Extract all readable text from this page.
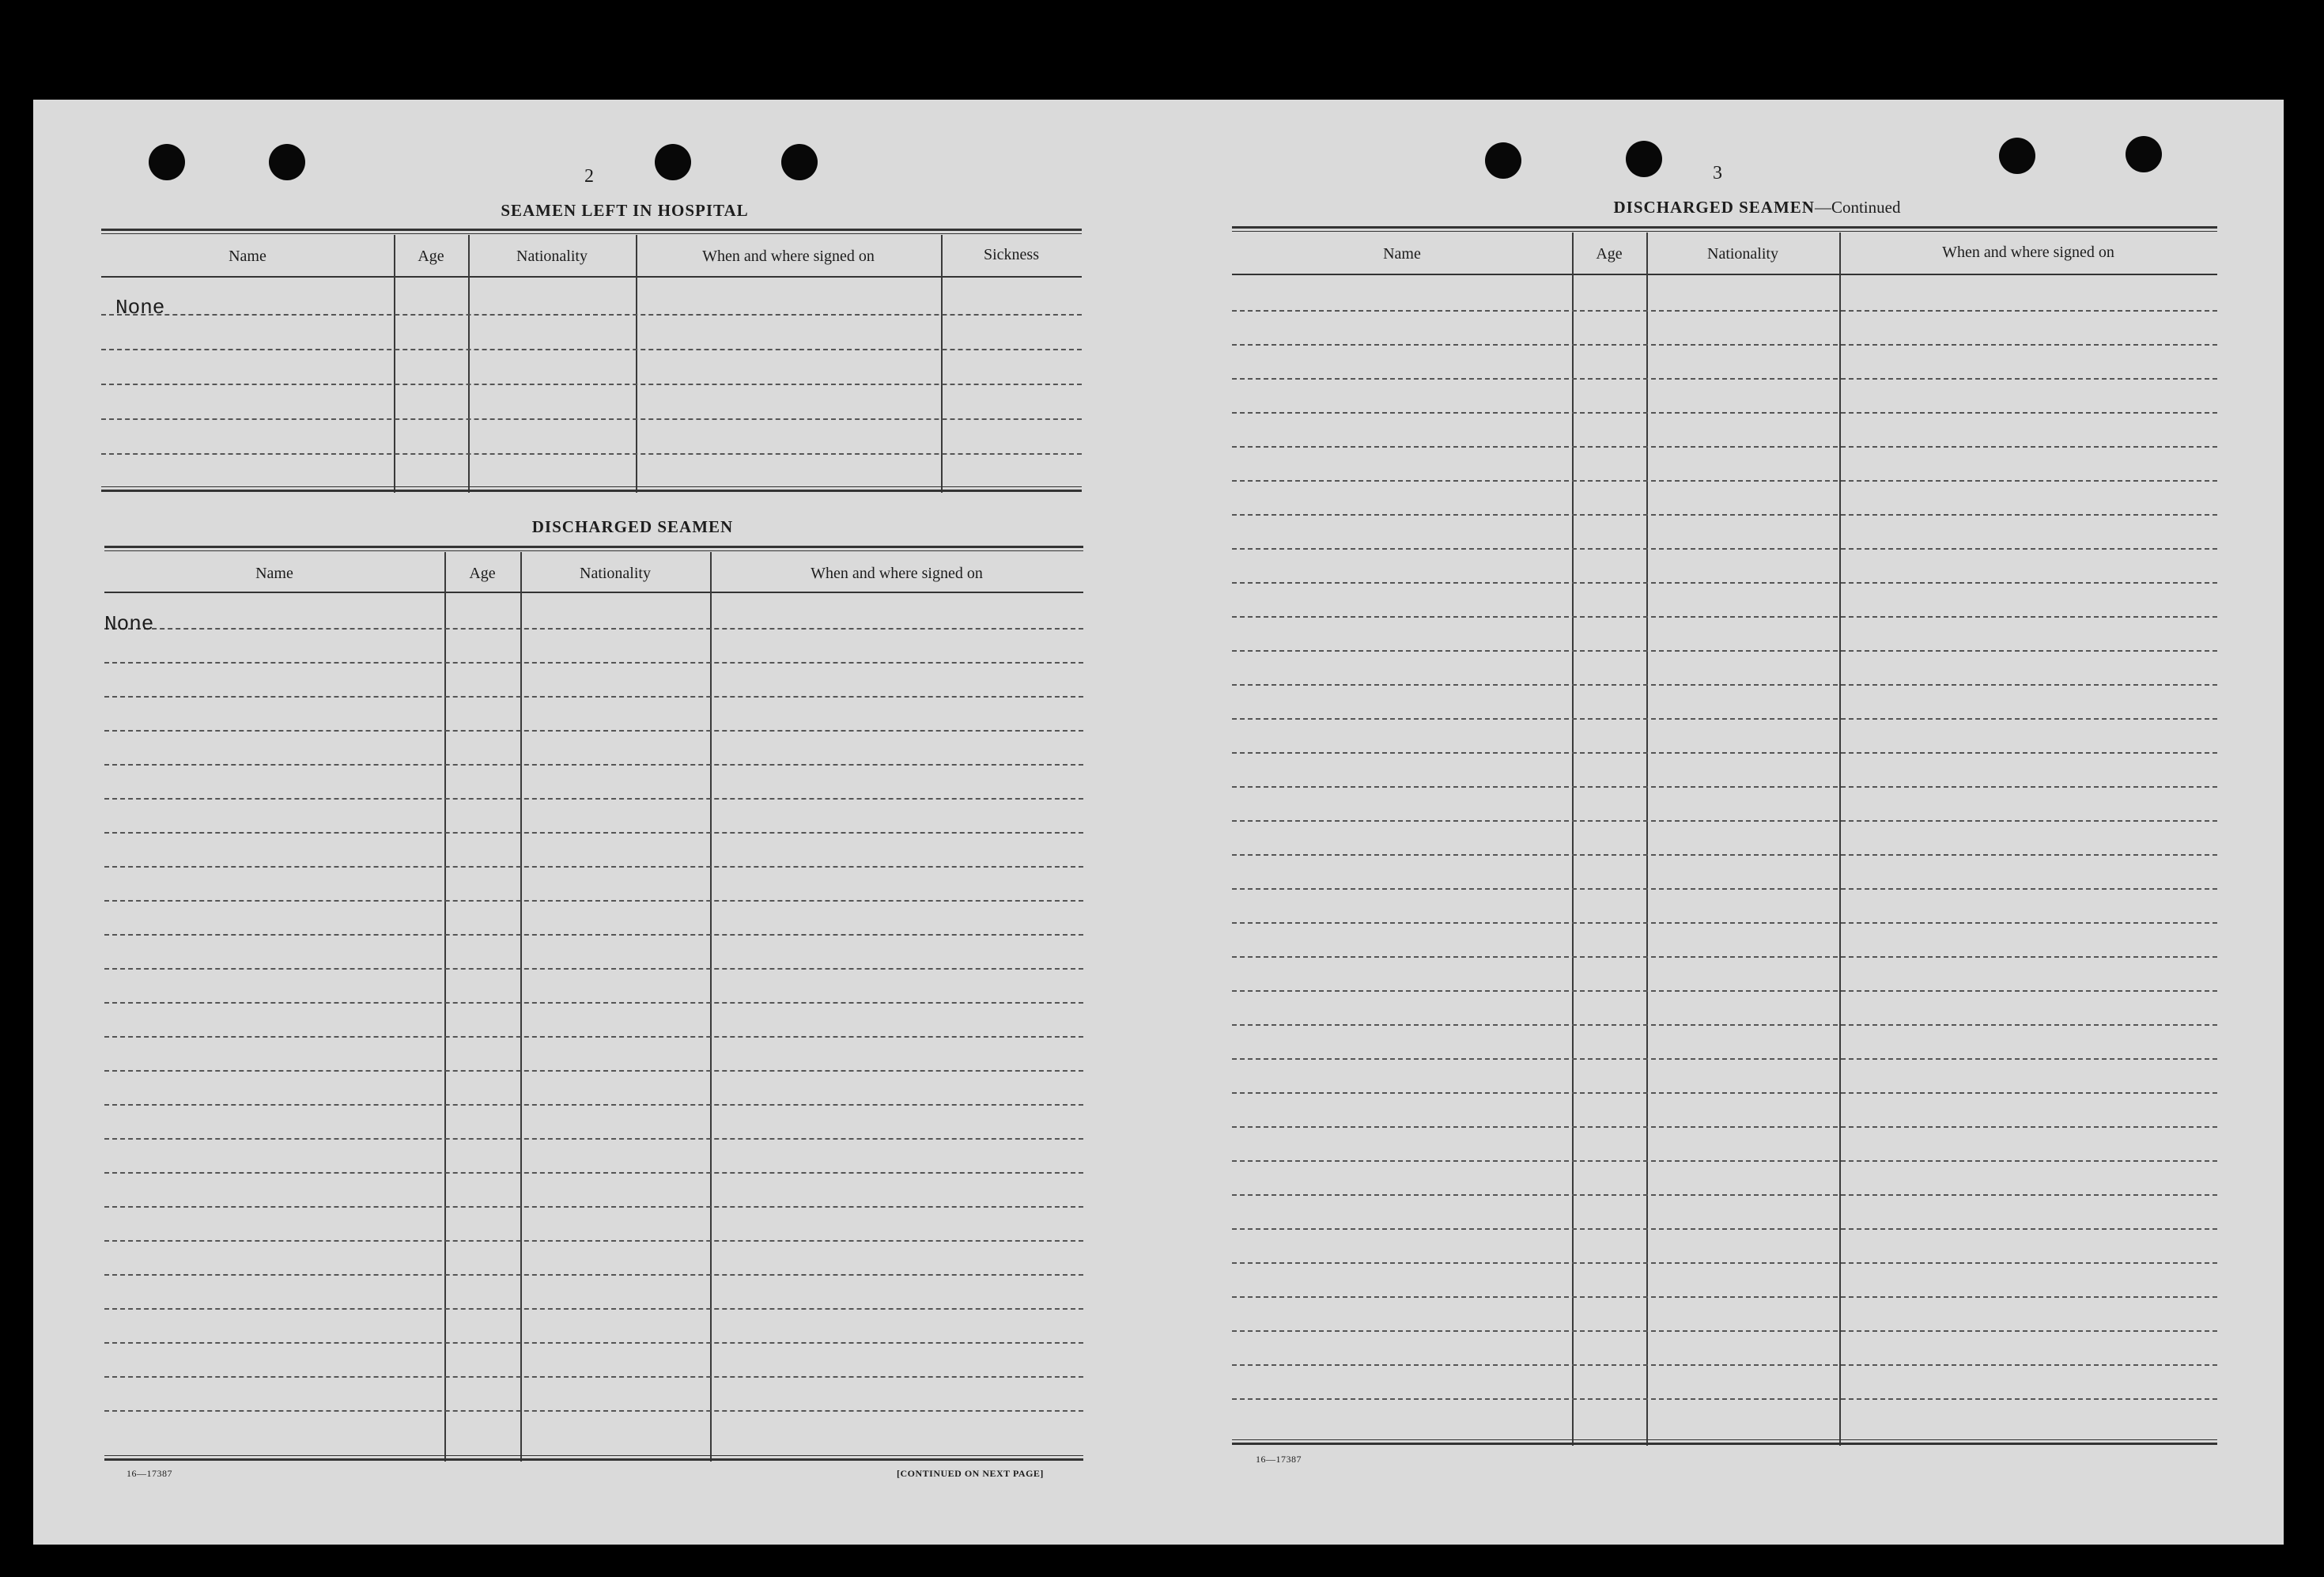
2
SEAMEN LEFT IN HOSPITAL
Name	Age	Nationality	When and where signed on	Sickness
None
DISCHARGED SEAMEN
Name	Age	Nationality	When and where signed on
None
16—17387	[CONTINUED ON NEXT PAGE]
3
DISCHARGED SEAMEN—Continued
Name	Age	Nationality	When and where signed on
16—17387
